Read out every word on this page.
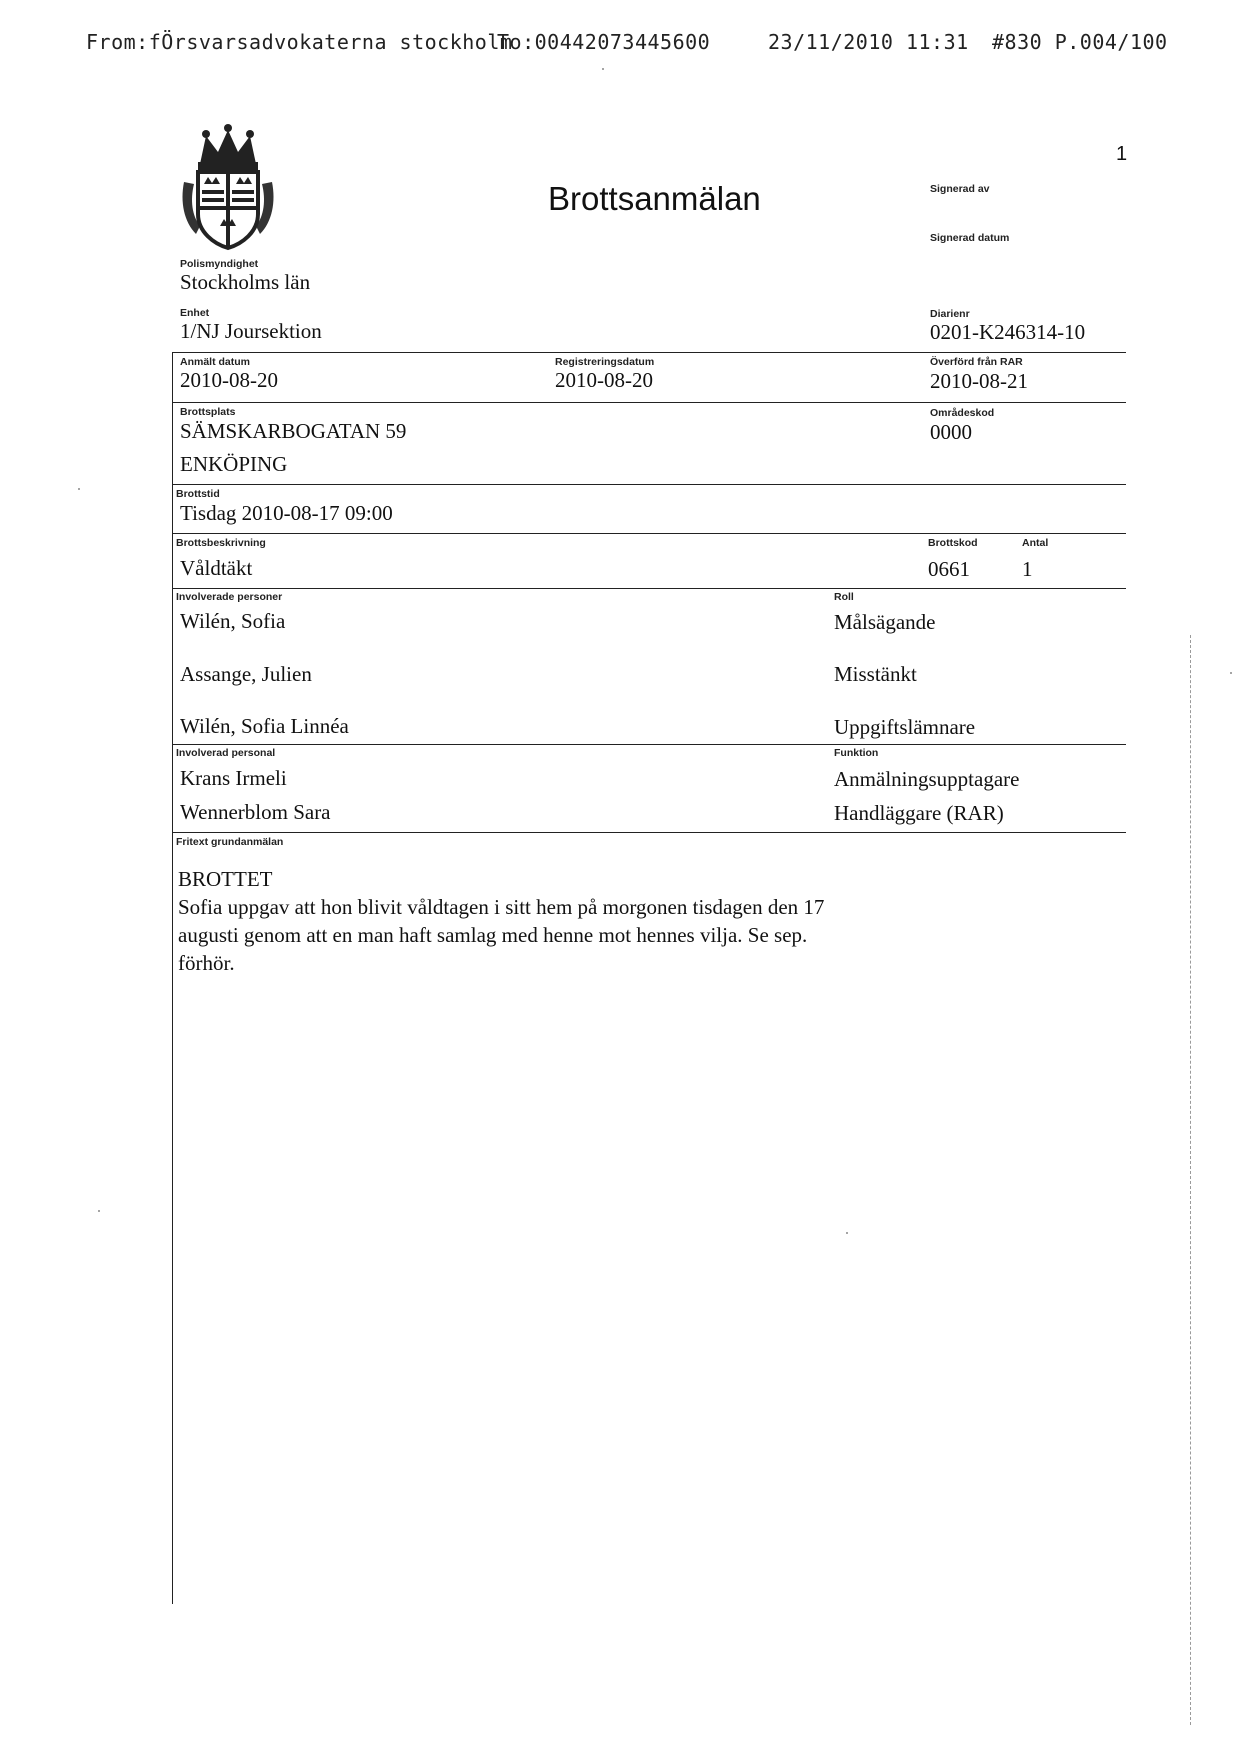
From:fÖrsvarsadvokaterna stockholm
To:00442073445600	23/11/2010 11:31 #830 P.004/100
Brottsanmälan
1
Signerad av
Signerad datum
Polismyndighet
Stockholms län
Enhet
1/NJ Joursektion
Diarienr
0201-K246314-10
Anmält datum
2010-08-20
Registreringsdatum
2010-08-20
Överförd från RAR
2010-08-21
Brottsplats
SÄMSKARBOGATAN 59
ENKÖPING
Områdeskod
0000
Brottstid
Tisdag 2010-08-17 09:00
Brottsbeskrivning
Våldtäkt
Brottskod
0661
Antal
1
Involverade personer	Roll
Wilén, Sofia	Målsägande
Assange, Julien	Misstänkt
Wilén, Sofia Linnéa	Uppgiftslämnare
Involverad personal	Funktion
Krans Irmeli	Anmälningsupptagare
Wennerblom Sara	Handläggare (RAR)
Fritext grundanmälan
BROTTET
Sofia uppgav att hon blivit våldtagen i sitt hem på morgonen tisdagen den 17
augusti genom att en man haft samlag med henne mot hennes vilja. Se sep.
förhör.
